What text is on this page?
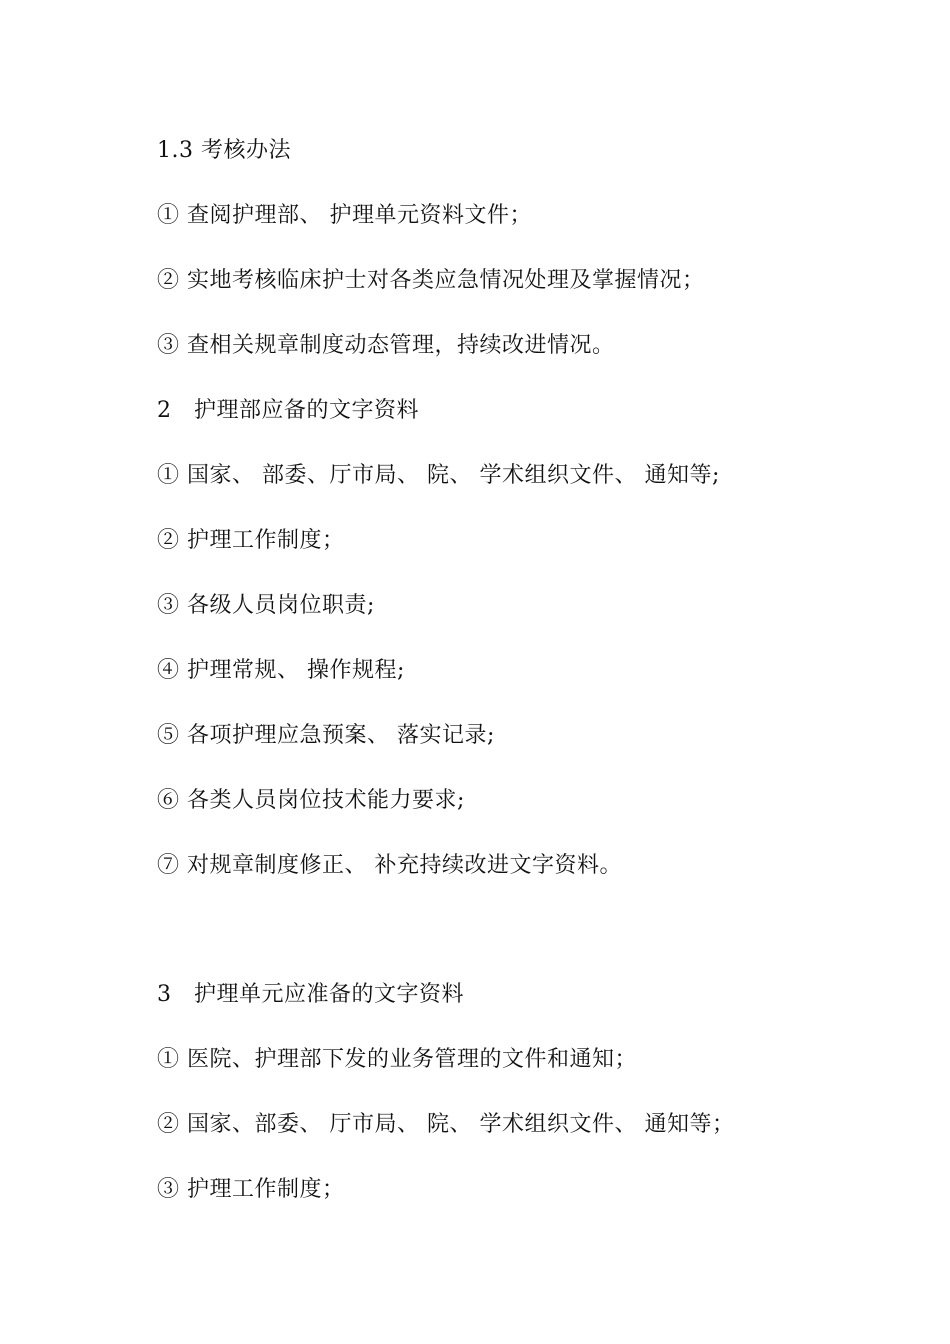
1.3 考核办法
① 查阅护理部、 护理单元资料文件；
② 实地考核临床护士对各类应急情况处理及掌握情况；
③ 查相关规章制度动态管理，持续改进情况。
2   护理部应备的文字资料
① 国家、 部委、厅市局、 院、 学术组织文件、 通知等;
② 护理工作制度；
③ 各级人员岗位职责;
④ 护理常规、 操作规程;
⑤ 各项护理应急预案、 落实记录;
⑥ 各类人员岗位技术能力要求;
⑦ 对规章制度修正、 补充持续改进文字资料。
3   护理单元应准备的文字资料
① 医院、护理部下发的业务管理的文件和通知；
② 国家、部委、 厅市局、 院、 学术组织文件、 通知等；
③ 护理工作制度；
